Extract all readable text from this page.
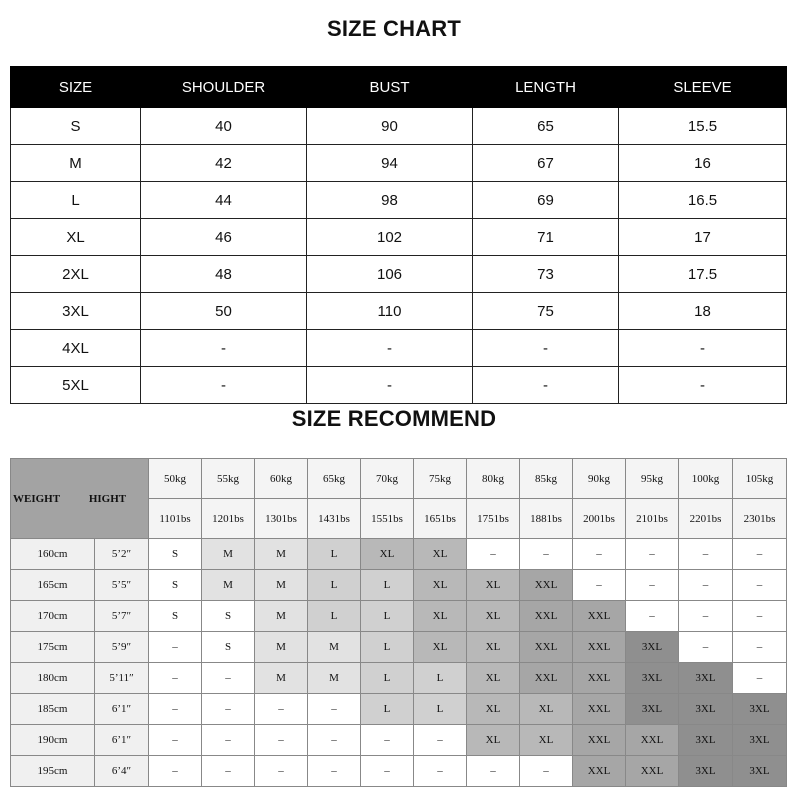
SIZE CHART
SIZE	SHOULDER	BUST	LENGTH	SLEEVE
S	40	90	65	15.5
M	42	94	67	16
L	44	98	69	16.5
XL	46	102	71	17
2XL	48	106	73	17.5
3XL	50	110	75	18
4XL	-	-	-	-
5XL	-	-	-	-
SIZE RECOMMEND
WEIGHT HIGHT		50kg	55kg	60kg	65kg	70kg	75kg	80kg	85kg	90kg	95kg	100kg	105kg
		1101bs	1201bs	1301bs	1431bs	1551bs	1651bs	1751bs	1881bs	2001bs	2101bs	2201bs	2301bs
160cm	5’2″	S	M	M	L	XL	XL	–	–	–	–	–	–
165cm	5’5″	S	M	M	L	L	XL	XL	XXL	–	–	–	–
170cm	5’7″	S	S	M	L	L	XL	XL	XXL	XXL	–	–	–
175cm	5’9″	–	S	M	M	L	XL	XL	XXL	XXL	3XL	–	–
180cm	5’11″	–	–	M	M	L	L	XL	XXL	XXL	3XL	3XL	–
185cm	6’1″	–	–	–	–	L	L	XL	XL	XXL	3XL	3XL	3XL
190cm	6’1″	–	–	–	–	–	–	XL	XL	XXL	XXL	3XL	3XL
195cm	6’4″	–	–	–	–	–	–	–	–	XXL	XXL	3XL	3XL
